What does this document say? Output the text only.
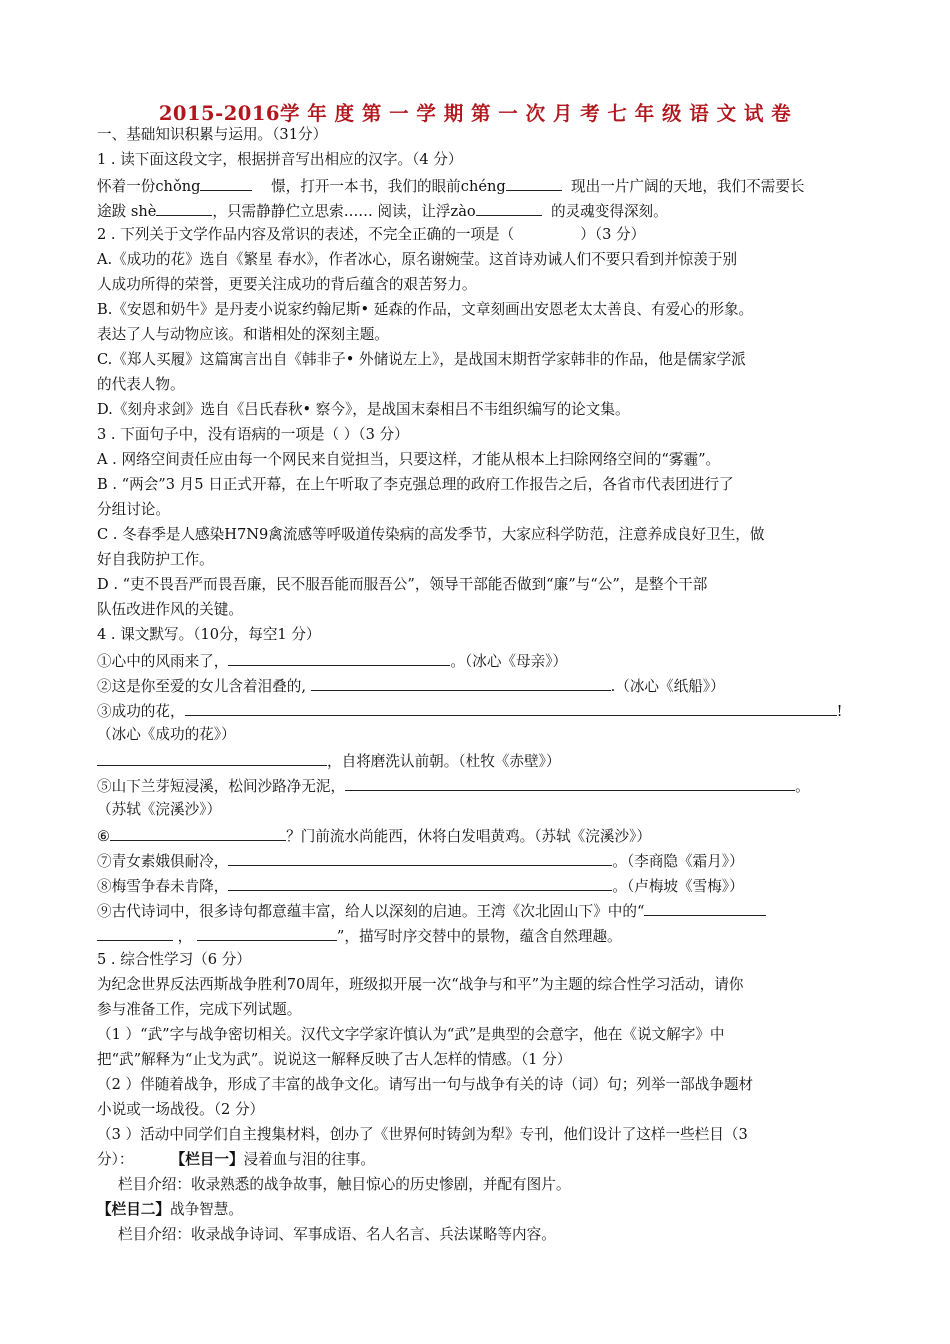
2015-2016学 年 度 第 一 学 期 第 一 次 月 考 七 年 级 语 文 试 卷
一、基础知识积累与运用。（31分）
1 . 读下面这段文字，根据拼音写出相应的汉字。（4 分）
怀着一份chǒng	憬，打开一本书，我们的眼前chéng	现出一片广阔的天地，我们不需要长
途跋 shè	，只需静静伫立思索…… 阅读，让浮zào	的灵魂变得深刻。
2 . 下列关于文学作品内容及常识的表述，不完全正确的一项是（	）（3 分）
A.《成功的花》选自《繁星 春水》，作者冰心，原名谢婉莹。这首诗劝诫人们不要只看到并惊羡于别
人成功所得的荣誉，更要关注成功的背后蕴含的艰苦努力。
B.《安恩和奶牛》是丹麦小说家约翰尼斯• 延森的作品，文章刻画出安恩老太太善良、有爱心的形象。
表达了人与动物应该。和谐相处的深刻主题。
C.《郑人买履》这篇寓言出自《韩非子• 外储说左上》，是战国末期哲学家韩非的作品，他是儒家学派
的代表人物。
D.《刻舟求剑》选自《吕氏春秋• 察今》，是战国末秦相吕不韦组织编写的论文集。
3 . 下面句子中，没有语病的一项是（ ）（3 分）
A . 网络空间责任应由每一个网民来自觉担当，只要这样，才能从根本上扫除网络空间的“雾霾”。
B . “两会”3 月5 日正式开幕，在上午听取了李克强总理的政府工作报告之后，各省市代表团进行了
分组讨论。
C . 冬春季是人感染H7N9禽流感等呼吸道传染病的高发季节，大家应科学防范，注意养成良好卫生，做
好自我防护工作。
D . “吏不畏吾严而畏吾廉，民不服吾能而服吾公”，领导干部能否做到“廉”与“公”，是整个干部
队伍改进作风的关键。
4 . 课文默写。（10分，每空1 分）
①心中的风雨来了，	。（冰心《母亲》）
②这是你至爱的女儿含着泪叠的,	.（冰心《纸船》）
③成功的花，	!
（冰心《成功的花》）
，自将磨洗认前朝。（杜牧《赤壁》）
⑤山下兰芽短浸溪，松间沙路净无泥，	。
（苏轼《浣溪沙》）
⑥	？门前流水尚能西，休将白发唱黄鸡。（苏轼《浣溪沙》）
⑦青女素娥俱耐冷，	。（李商隐《霜月》）
⑧梅雪争春未肯降，	。（卢梅坡《雪梅》）
⑨古代诗词中，很多诗句都意蕴丰富，给人以深刻的启迪。王湾《次北固山下》中的“
，	”，描写时序交替中的景物，蕴含自然理趣。
5 . 综合性学习（6 分）
为纪念世界反法西斯战争胜利70周年，班级拟开展一次“战争与和平”为主题的综合性学习活动，请你
参与准备工作，完成下列试题。
（1 ）“武”字与战争密切相关。汉代文字学家许慎认为“武”是典型的会意字，他在《说文解字》中
把“武”解释为“止戈为武”。说说这一解释反映了古人怎样的情感。（1 分）
（2 ）伴随着战争，形成了丰富的战争文化。请写出一句与战争有关的诗（词）句；列举一部战争题材
小说或一场战役。（2 分）
（3 ）活动中同学们自主搜集材料，创办了《世界何时铸剑为犁》专刊，他们设计了这样一些栏目（3
分）：	【栏目一】浸着血与泪的往事。
栏目介绍：收录熟悉的战争故事，触目惊心的历史惨剧，并配有图片。
【栏目二】战争智慧。
栏目介绍：收录战争诗词、军事成语、名人名言、兵法谋略等内容。
